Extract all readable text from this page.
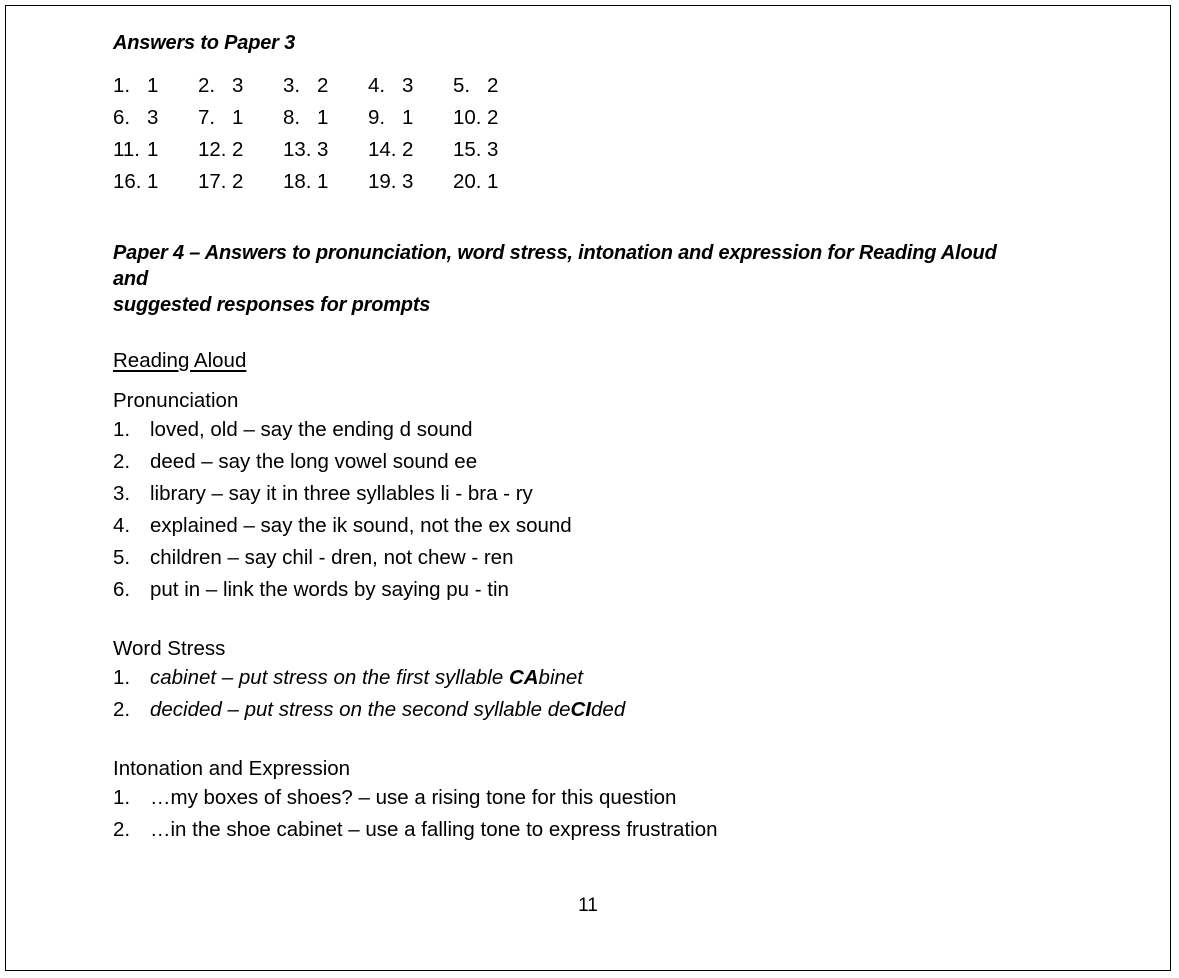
Answers to Paper 3
1. 1 2. 3 3. 2 4. 3 5. 2
6. 3 7. 1 8. 1 9. 1 10. 2
11. 1 12. 2 13. 3 14. 2 15. 3
16. 1 17. 2 18. 1 19. 3 20. 1
Paper 4 – Answers to pronunciation, word stress, intonation and expression for Reading Aloud and
suggested responses for prompts
Reading Aloud
Pronunciation
1. loved, old – say the ending d sound
2. deed – say the long vowel sound ee
3. library – say it in three syllables li - bra - ry
4. explained – say the ik sound, not the ex sound
5. children – say chil - dren, not chew - ren
6. put in – link the words by saying pu - tin
Word Stress
1. cabinet – put stress on the first syllable CAbinet
2. decided – put stress on the second syllable deCIded
Intonation and Expression
1. …my boxes of shoes? – use a rising tone for this question
2. …in the shoe cabinet – use a falling tone to express frustration
11
